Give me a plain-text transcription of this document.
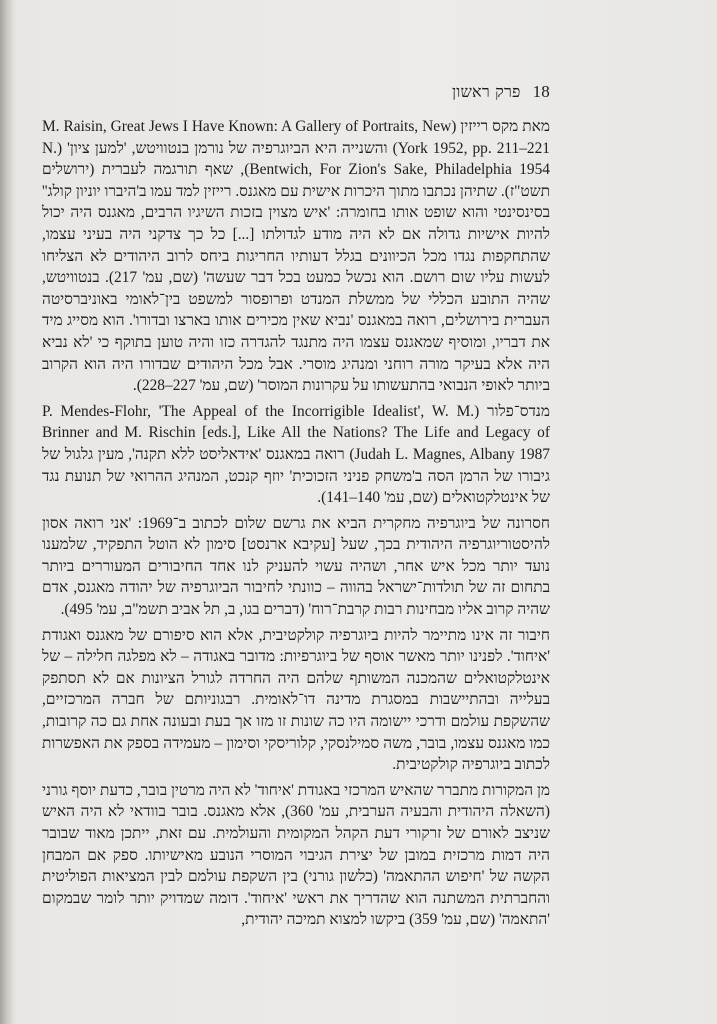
18
פרק ראשון

מאת מקס רייזין (M. Raisin, Great Jews I Have Known: A Gallery of Portraits, New York 1952, pp. 211–221) והשנייה היא הביוגרפיה של נורמן בנטוויטש, 'למען ציון' (N. Bentwich, For Zion's Sake, Philadelphia 1954), שאף תורגמה לעברית (ירושלים תשט"ז). שתיהן נכתבו מתוך היכרות אישית עם מאגנס. רייזין למד עמו ב'היברו יוניון קולג'' בסינסינטי והוא שופט אותו בחומרה: 'איש מצוין בזכות השיגיו הרבים, מאגנס היה יכול להיות אישיות גדולה אם לא היה מודע לגדולתו [...] כל כך צדקני היה בעיני עצמו, שהתחקפות נגדו מכל הכיוונים בגלל דעותיו החריגות ביחס לרוב היהודים לא הצליחו לעשות עליו שום רושם. הוא נכשל כמעט בכל דבר שעשה' (שם, עמ' 217). בנטוויטש, שהיה התובע הכללי של ממשלת המנדט ופרופסור למשפט בין־לאומי באוניברסיטה העברית בירושלים, רואה במאגנס 'נביא שאין מכירים אותו בארצו ובדורו'. הוא מסייג מיד את דבריו, ומוסיף שמאגנס עצמו היה מתנגד להגדרה כזו והיה טוען בתוקף כי 'לא נביא היה אלא בעיקר מורה רוחני ומנהיג מוסרי. אבל מכל היהודים שבדורו היה הוא הקרוב ביותר לאופי הנבואי בהתעשותו על עקרונות המוסר' (שם, עמ' 227–228).

מנדס־פלור (P. Mendes-Flohr, 'The Appeal of the Incorrigible Idealist', W. M. Brinner and M. Rischin [eds.], Like All the Nations? The Life and Legacy of Judah L. Magnes, Albany 1987) רואה במאגנס 'אידאליסט ללא תקנה', מעין גלגול של גיבורו של הרמן הסה ב'משחק פניני הזכוכית' יוזף קנכט, המנהיג ההרואי של תנועת נגד של אינטלקטואלים (שם, עמ' 140–141).

חסרונה של ביוגרפיה מחקרית הביא את גרשם שלום לכתוב ב־1969: 'אני רואה אסון להיסטוריוגרפיה היהודית בכך, שעל [עקיבא ארנסט] סימון לא הוטל התפקיד, שלמענו נועד יותר מכל איש אחר, ושהיה עשוי להעניק לנו אחד החיבורים המעוררים ביותר בתחום זה של תולדות־ישראל בהווה – כוונתי לחיבור הביוגרפיה של יהודה מאגנס, אדם שהיה קרוב אליו מבחינות רבות קרבת־רוח' (דברים בגו, ב, תל אביב תשמ"ב, עמ' 495).

חיבור זה אינו מתיימר להיות ביוגרפיה קולקטיבית, אלא הוא סיפורם של מאגנס ואגודת 'איחוד'. לפנינו יותר מאשר אוסף של ביוגרפיות: מדובר באגודה – לא מפלגה חלילה – של אינטלקטואלים שהמכנה המשותף שלהם היה החרדה לגורל הציונות אם לא תסתפק בעלייה ובהתיישבות במסגרת מדינה דו־לאומית. רבגוניותם של חברה המרכזיים, שהשקפת עולמם ודרכי יישומה היו כה שונות זו מזו אך בעת ובעונה אחת גם כה קרובות, כמו מאגנס עצמו, בובר, משה סמילנסקי, קלוריסקי וסימון – מעמידה בספק את האפשרות לכתוב ביוגרפיה קולקטיבית.

מן המקורות מתברר שהאיש המרכזי באגודת 'איחוד' לא היה מרטין בובר, כדעת יוסף גורני (השאלה היהודית והבעיה הערבית, עמ' 360), אלא מאגנס. בובר בוודאי לא היה האיש שניצב לאורם של זרקורי דעת הקהל המקומית והעולמית. עם זאת, ייתכן מאוד שבובר היה דמות מרכזית במובן של יצירת הגיבוי המוסרי הנובע מאישיותו. ספק אם המבחן הקשה של 'חיפוש ההתאמה' (כלשון גורני) בין השקפת עולמם לבין המציאות הפוליטית והחברתית המשתנה הוא שהדריך את ראשי 'איחוד'. דומה שמדויק יותר לומר שבמקום 'התאמה' (שם, עמ' 359) ביקשו למצוא תמיכה יהודית,
